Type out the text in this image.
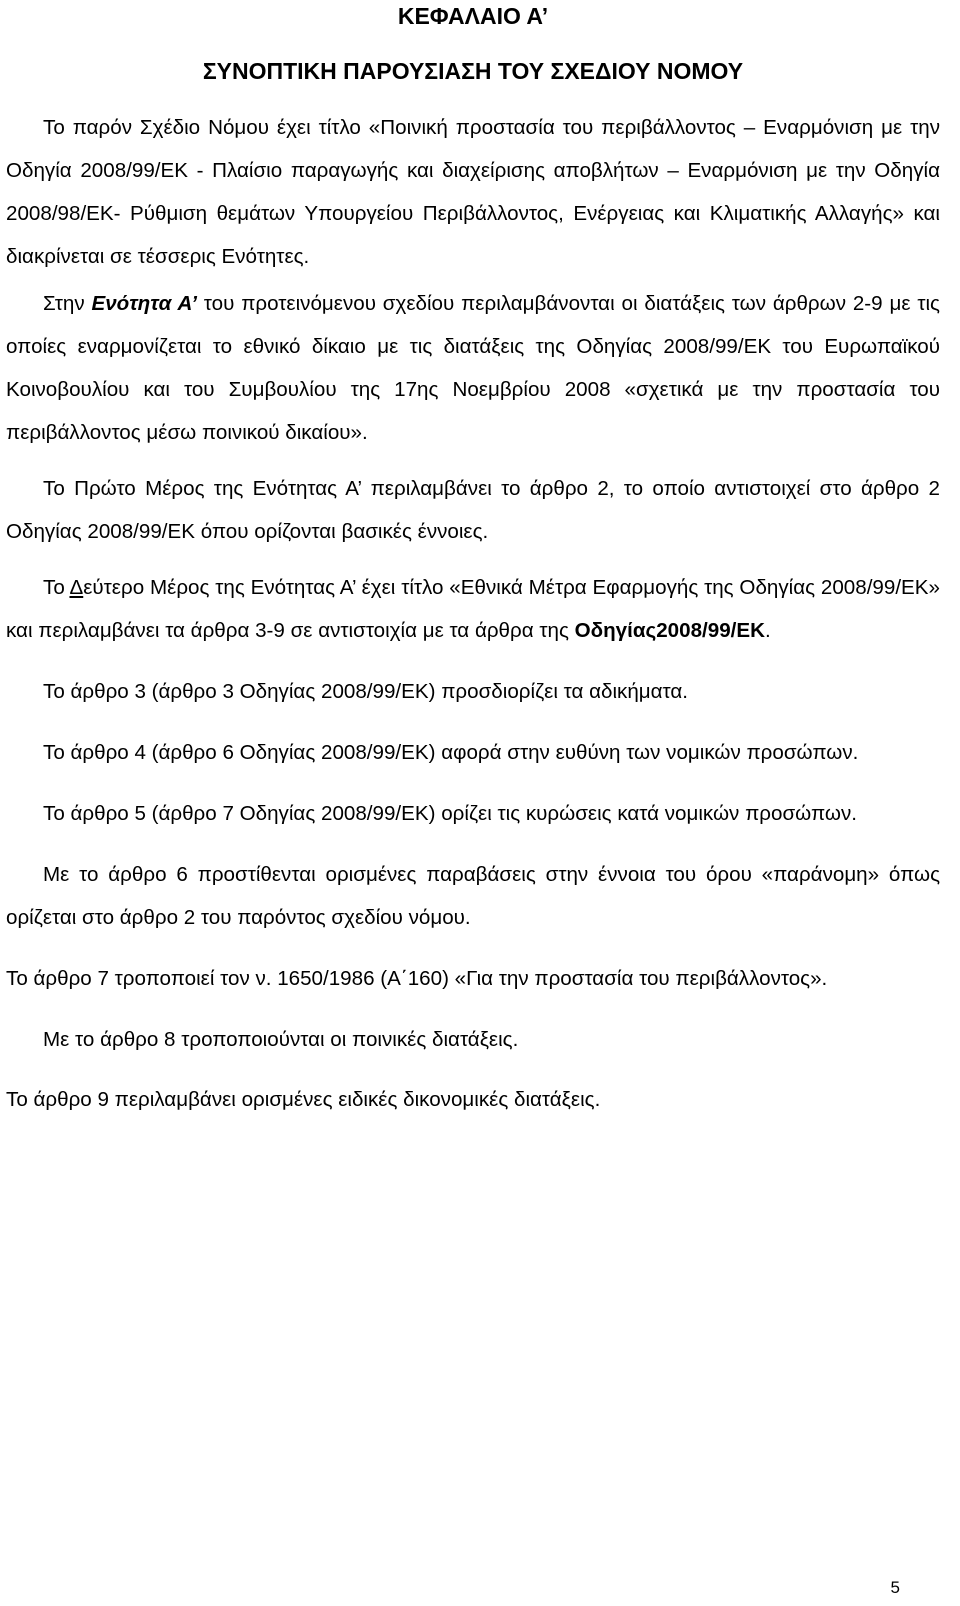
ΚΕΦΑΛΑΙΟ Α’
ΣΥΝΟΠΤΙΚΗ ΠΑΡΟΥΣΙΑΣΗ ΤΟΥ ΣΧΕΔΙΟΥ ΝΟΜΟΥ

Το παρόν Σχέδιο Νόμου έχει τίτλο «Ποινική προστασία του περιβάλλοντος – Εναρμόνιση με την Οδηγία 2008/99/ΕΚ - Πλαίσιο παραγωγής και διαχείρισης αποβλήτων – Εναρμόνιση με την Οδηγία 2008/98/ΕΚ- Ρύθμιση θεμάτων Υπουργείου Περιβάλλοντος, Ενέργειας και Κλιματικής Αλλαγής» και διακρίνεται σε τέσσερις Ενότητες.

Στην Ενότητα Α’ του προτεινόμενου σχεδίου περιλαμβάνονται οι διατάξεις των άρθρων 2-9 με τις οποίες εναρμονίζεται το εθνικό δίκαιο με τις διατάξεις της Οδηγίας 2008/99/ΕΚ του Ευρωπαϊκού Κοινοβουλίου και του Συμβουλίου της 17ης Νοεμβρίου 2008 «σχετικά με την προστασία του περιβάλλοντος μέσω ποινικού δικαίου».

Το Πρώτο Μέρος της Ενότητας Α’ περιλαμβάνει το άρθρο 2, το οποίο αντιστοιχεί στο άρθρο 2 Οδηγίας 2008/99/ΕΚ όπου ορίζονται βασικές έννοιες.

Το Δεύτερο Μέρος της Ενότητας Α’ έχει τίτλο «Εθνικά Μέτρα Εφαρμογής της Οδηγίας 2008/99/ΕΚ» και περιλαμβάνει τα άρθρα 3-9 σε αντιστοιχία με τα άρθρα της Οδηγίας2008/99/ΕΚ.

Το άρθρο 3 (άρθρο 3 Οδηγίας 2008/99/ΕΚ) προσδιορίζει τα αδικήματα.

Το άρθρο 4 (άρθρο 6 Οδηγίας 2008/99/ΕΚ) αφορά στην ευθύνη των νομικών προσώπων.

Το άρθρο 5 (άρθρο 7 Οδηγίας 2008/99/ΕΚ) ορίζει τις κυρώσεις κατά νομικών προσώπων.

Με το άρθρο 6 προστίθενται ορισμένες παραβάσεις στην έννοια του όρου «παράνομη» όπως ορίζεται στο άρθρο 2 του παρόντος σχεδίου νόμου.

Το άρθρο 7 τροποποιεί τον ν. 1650/1986 (Α΄160) «Για την προστασία του περιβάλλοντος».

Με το άρθρο 8 τροποποιούνται οι ποινικές διατάξεις.

Το άρθρο 9 περιλαμβάνει ορισμένες ειδικές δικονομικές διατάξεις.

5
